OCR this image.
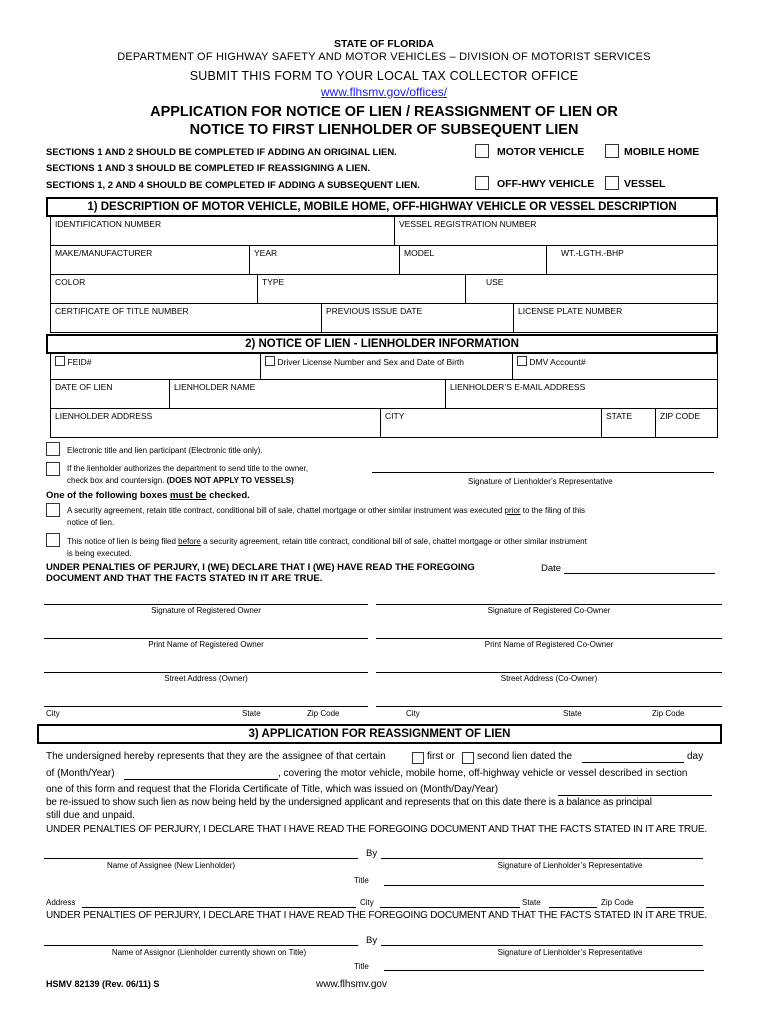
STATE OF FLORIDA
DEPARTMENT OF HIGHWAY SAFETY AND MOTOR VEHICLES – DIVISION OF MOTORIST SERVICES
SUBMIT THIS FORM TO YOUR LOCAL TAX COLLECTOR OFFICE
www.flhsmv.gov/offices/
APPLICATION FOR NOTICE OF LIEN / REASSIGNMENT OF LIEN OR
NOTICE TO FIRST LIENHOLDER OF SUBSEQUENT LIEN
SECTIONS 1 AND 2 SHOULD BE COMPLETED IF ADDING AN ORIGINAL LIEN.
SECTIONS 1 AND 3 SHOULD BE COMPLETED IF REASSIGNING A LIEN.
SECTIONS 1, 2 AND 4 SHOULD BE COMPLETED IF ADDING A SUBSEQUENT LIEN.
MOTOR VEHICLE	MOBILE HOME
OFF-HWY VEHICLE	VESSEL
1) DESCRIPTION OF MOTOR VEHICLE, MOBILE HOME, OFF-HIGHWAY VEHICLE OR VESSEL DESCRIPTION
IDENTIFICATION NUMBER	VESSEL REGISTRATION NUMBER
MAKE/MANUFACTURER	YEAR	MODEL	WT.-LGTH.-BHP
COLOR	TYPE	USE
CERTIFICATE OF TITLE NUMBER	PREVIOUS ISSUE DATE	LICENSE PLATE NUMBER
2) NOTICE OF LIEN - LIENHOLDER INFORMATION
FEID#	Driver License Number and Sex and Date of Birth	DMV Account#
DATE OF LIEN	LIENHOLDER NAME	LIENHOLDER’S E-MAIL ADDRESS
LIENHOLDER ADDRESS	CITY	STATE	ZIP CODE
Electronic title and lien participant (Electronic title only).
If the lienholder authorizes the department to send title to the owner,
check box and countersign. (DOES NOT APPLY TO VESSELS)	Signature of Lienholder’s Representative
One of the following boxes must be checked.
A security agreement, retain title contract, conditional bill of sale, chattel mortgage or other similar instrument was executed prior to the filing of this
notice of lien.
This notice of lien is being filed before a security agreement, retain title contract, conditional bill of sale, chattel mortgage or other similar instrument
is being executed.
UNDER PENALTIES OF PERJURY, I (WE) DECLARE THAT I (WE) HAVE READ THE FOREGOING
DOCUMENT AND THAT THE FACTS STATED IN IT ARE TRUE.
Date
Signature of Registered Owner	Signature of Registered Co-Owner
Print Name of Registered Owner	Print Name of Registered Co-Owner
Street Address (Owner)	Street Address (Co-Owner)
City	State	Zip Code	City	State	Zip Code
3) APPLICATION FOR REASSIGNMENT OF LIEN
The undersigned hereby represents that they are the assignee of that certain	first or second lien dated the	day
of (Month/Year)	, covering the motor vehicle, mobile home, off-highway vehicle or vessel described in section
one of this form and request that the Florida Certificate of Title, which was issued on (Month/Day/Year)
be re-issued to show such lien as now being held by the undersigned applicant and represents that on this date there is a balance as principal
still due and unpaid.
UNDER PENALTIES OF PERJURY, I DECLARE THAT I HAVE READ THE FOREGOING DOCUMENT AND THAT THE FACTS STATED IN IT ARE TRUE.
By
Name of Assignee (New Lienholder)	Signature of Lienholder’s Representative
Title
Address	City	State	Zip Code
UNDER PENALTIES OF PERJURY, I DECLARE THAT I HAVE READ THE FOREGOING DOCUMENT AND THAT THE FACTS STATED IN IT ARE TRUE.
By
Name of Assignor (Lienholder currently shown on Title)	Signature of Lienholder’s Representative
Title
HSMV 82139 (Rev. 06/11) S	www.flhsmv.gov
